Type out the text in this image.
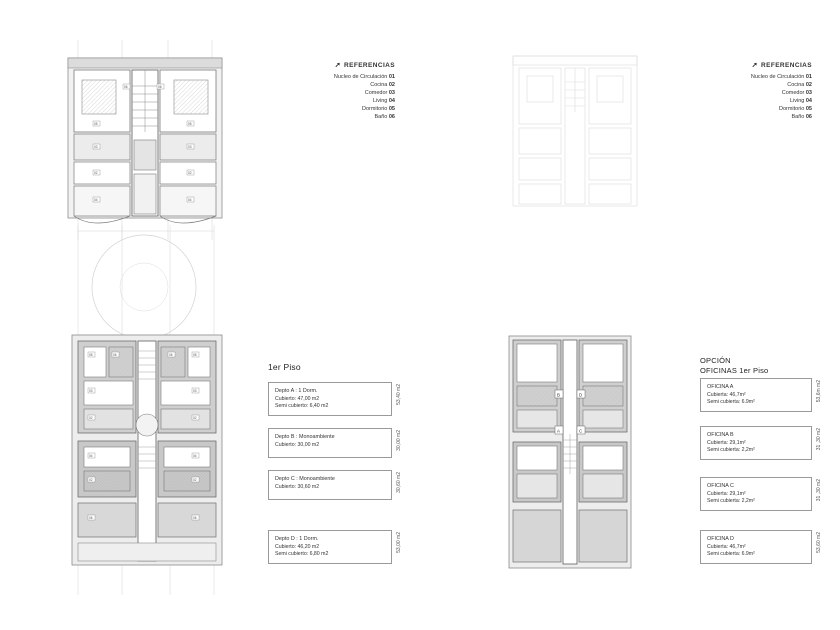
05
06	06
05
03	03
02	02
04	04
05	06	05
06
03	03
02	02
04	04
02	02
06	06
A	C
B	D
➚ REFERENCIAS
Nucleo de Circulación 01
Cocina 02
Comedor 03
Living 04
Dormitorio 05
Baño 06
➚ REFERENCIAS
Nucleo de Circulación 01
Cocina 02
Comedor 03
Living 04
Dormitorio 05
Baño 06
1er Piso
Depto A : 1 Dorm.
Cubierto: 47,00 m2
Semi cubierto: 6,40 m2
53,40 m2
Depto B : Monoambiente
Cubierto: 30,00 m2	30,00 m2
Depto C : Monoambiente
Cubierto: 30,60 m2	30,60 m2
Depto D : 1 Dorm.
Cubierto: 46,20 m2
Semi cubierto: 6,80 m2
53,00 m2
OPCIÓN
OFICINAS 1er Piso
OFICINA A
Cubierta: 46,7m²
Semi cubierta: 6.9m²
53,6m m2
OFICINA B
Cubierta: 29,1m²
Semi cubierta: 2,2m²
31 ,30 m2
OFICINA C
Cubierta: 29,1m²
Semi cubierta: 2,2m²
31 ,30 m2
OFICINA D
Cubierta: 46,7m²
Semi cubierta: 6.9m²
53,60 m2
